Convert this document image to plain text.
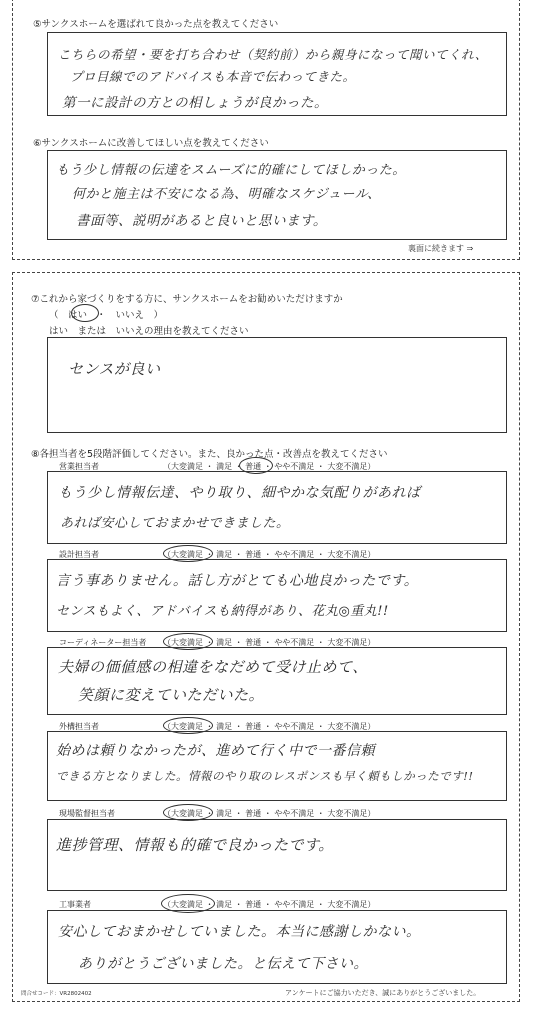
⑤サンクスホームを選ばれて良かった点を教えてください
こちらの希望・要を打ち合わせ（契約前）から親身になって聞いてくれ、
プロ目線でのアドバイスも本音で伝わってきた。
第一に設計の方との相しょうが良かった。
⑥サンクスホームに改善してほしい点を教えてください
もう少し情報の伝達をスムーズに的確にしてほしかった。
何かと施主は不安になる為、明確なスケジュール、
書面等、説明があると良いと思います。
裏面に続きます ⇒
⑦これから家づくりをする方に、サンクスホームをお勧めいただけますか
（　はい　・　いいえ　）
はい　または　いいえの理由を教えてください
センスが良い
⑧各担当者を5段階評価してください。また、良かった点・改善点を教えてください
営業担当者	（大変満足 ・ 満足 ・ 普通 ・ やや不満足 ・ 大変不満足）
もう少し情報伝達、やり取り、細やかな気配りがあれば
あれば安心しておまかせできました。
設計担当者	（大変満足 ・ 満足 ・ 普通 ・ やや不満足 ・ 大変不満足）
言う事ありません。話し方がとても心地良かったです。
センスもよく、アドバイスも納得があり、花丸◎重丸!!
コーディネーター担当者 （大変満足 ・ 満足 ・ 普通 ・ やや不満足 ・ 大変不満足）
夫婦の価値感の相違をなだめて受け止めて、
笑顔に変えていただいた。
外構担当者	（大変満足 ・ 満足 ・ 普通 ・ やや不満足 ・ 大変不満足）
始めは頼りなかったが、進めて行く中で一番信頼
できる方となりました。情報のやり取のレスポンスも早く頼もしかったです!!
現場監督担当者	（大変満足 ・ 満足 ・ 普通 ・ やや不満足 ・ 大変不満足）
進捗管理、情報も的確で良かったです。
工事業者	（大変満足 ・ 満足 ・ 普通 ・ やや不満足 ・ 大変不満足）
安心しておまかせしていました。本当に感謝しかない。
ありがとうございました。と伝えて下さい。
問合せコード：VR2802402	アンケートにご協力いただき、誠にありがとうございました。
